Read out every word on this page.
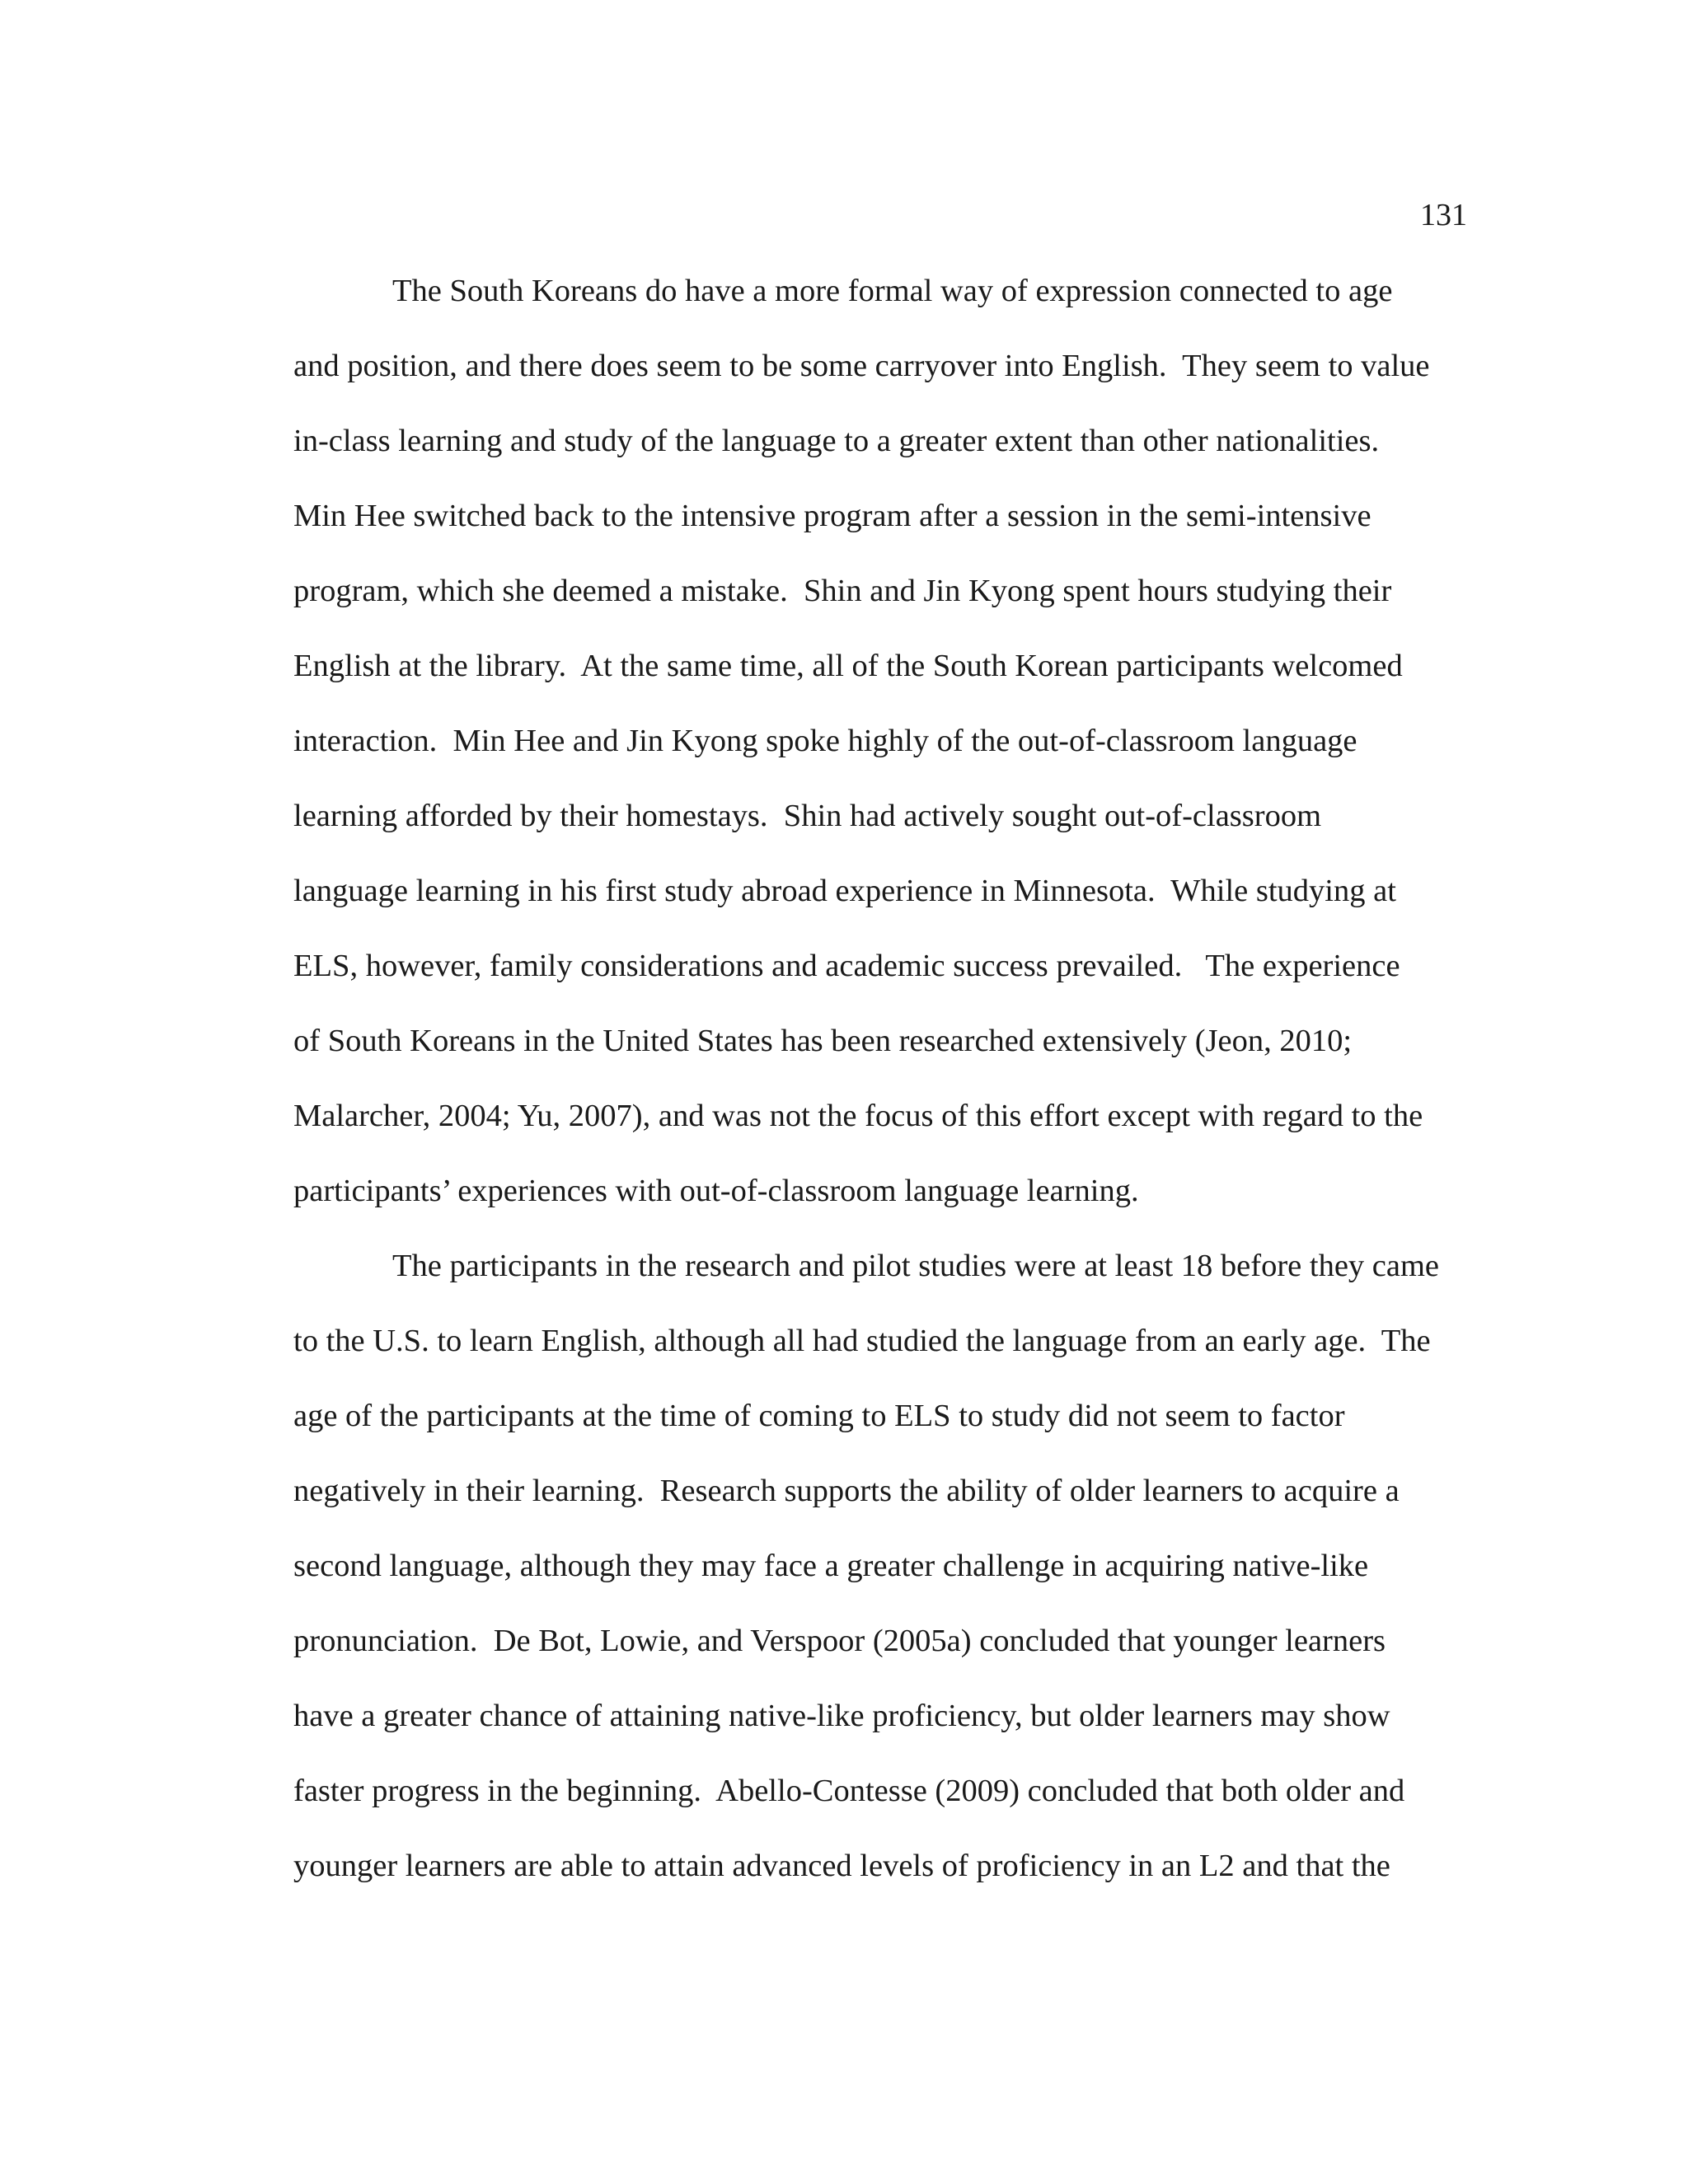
131
The South Koreans do have a more formal way of expression connected to age
and position, and there does seem to be some carryover into English.  They seem to value
in-class learning and study of the language to a greater extent than other nationalities.
Min Hee switched back to the intensive program after a session in the semi-intensive
program, which she deemed a mistake.  Shin and Jin Kyong spent hours studying their
English at the library.  At the same time, all of the South Korean participants welcomed
interaction.  Min Hee and Jin Kyong spoke highly of the out-of-classroom language
learning afforded by their homestays.  Shin had actively sought out-of-classroom
language learning in his first study abroad experience in Minnesota.  While studying at
ELS, however, family considerations and academic success prevailed.   The experience
of South Koreans in the United States has been researched extensively (Jeon, 2010;
Malarcher, 2004; Yu, 2007), and was not the focus of this effort except with regard to the
participants’ experiences with out-of-classroom language learning.
The participants in the research and pilot studies were at least 18 before they came
to the U.S. to learn English, although all had studied the language from an early age.  The
age of the participants at the time of coming to ELS to study did not seem to factor
negatively in their learning.  Research supports the ability of older learners to acquire a
second language, although they may face a greater challenge in acquiring native-like
pronunciation.  De Bot, Lowie, and Verspoor (2005a) concluded that younger learners
have a greater chance of attaining native-like proficiency, but older learners may show
faster progress in the beginning.  Abello-Contesse (2009) concluded that both older and
younger learners are able to attain advanced levels of proficiency in an L2 and that the
